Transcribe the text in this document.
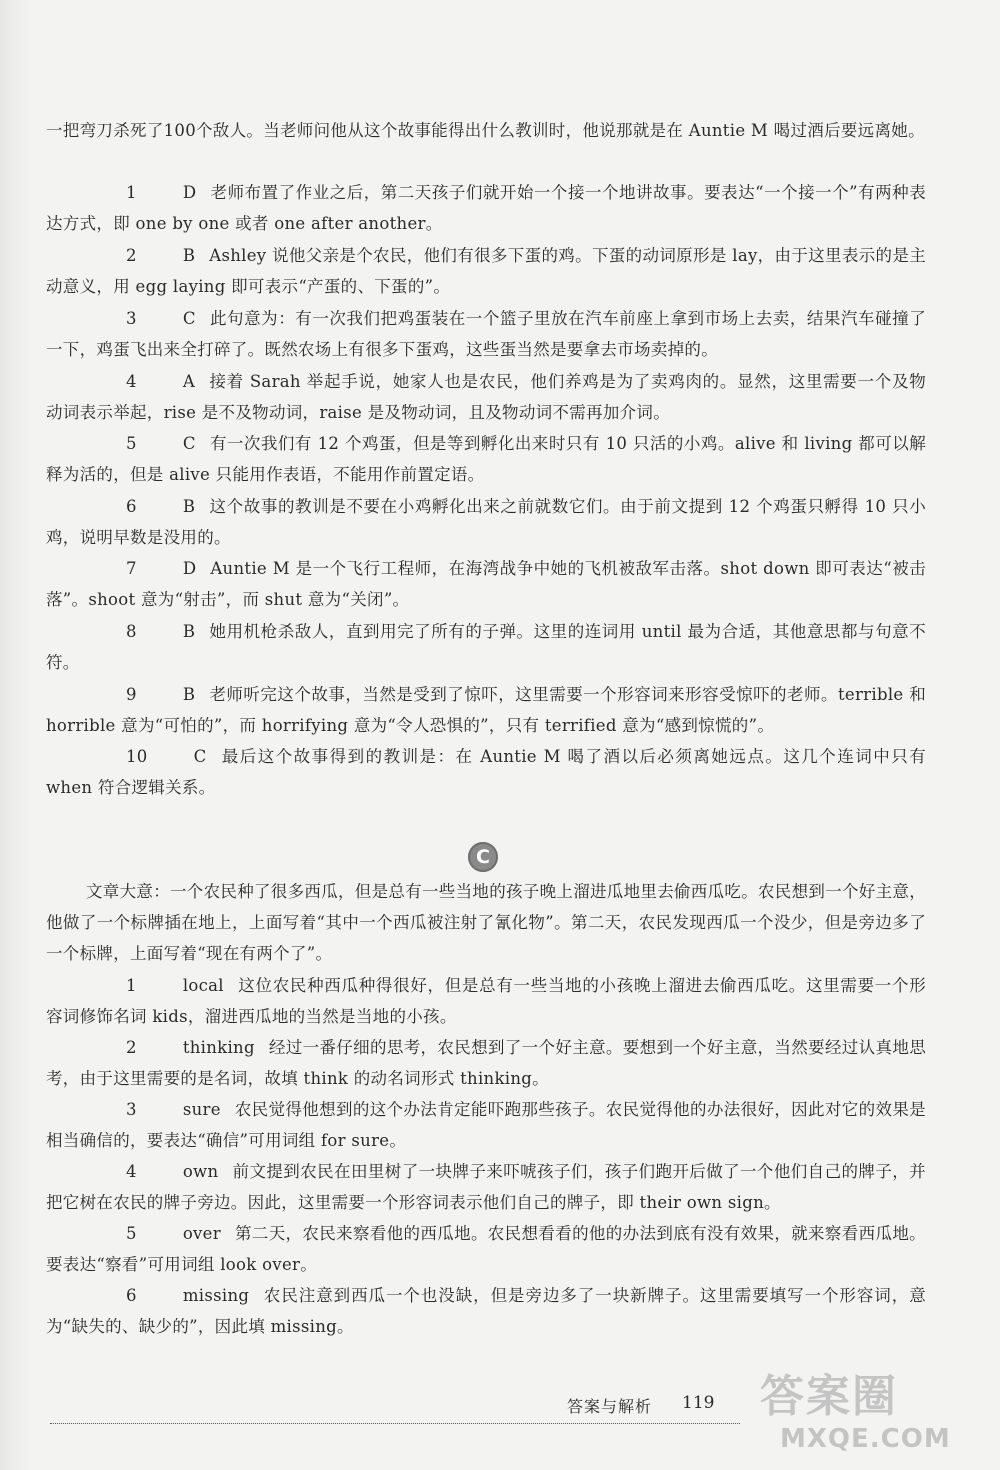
一把弯刀杀死了100个敌人。当老师问他从这个故事能得出什么教训时，他说那就是在 Auntie M 喝过酒后要远离她。
1	D 老师布置了作业之后，第二天孩子们就开始一个接一个地讲故事。要表达“一个接一个”有两种表达方式，即 one by one 或者 one after another。
2	B Ashley 说他父亲是个农民，他们有很多下蛋的鸡。下蛋的动词原形是 lay，由于这里表示的是主动意义，用 egg laying 即可表示“产蛋的、下蛋的”。
3	C 此句意为：有一次我们把鸡蛋装在一个篮子里放在汽车前座上拿到市场上去卖，结果汽车碰撞了一下，鸡蛋飞出来全打碎了。既然农场上有很多下蛋鸡，这些蛋当然是要拿去市场卖掉的。
4	A 接着 Sarah 举起手说，她家人也是农民，他们养鸡是为了卖鸡肉的。显然，这里需要一个及物动词表示举起，rise 是不及物动词，raise 是及物动词，且及物动词不需再加介词。
5	C 有一次我们有 12 个鸡蛋，但是等到孵化出来时只有 10 只活的小鸡。alive 和 living 都可以解释为活的，但是 alive 只能用作表语，不能用作前置定语。
6	B 这个故事的教训是不要在小鸡孵化出来之前就数它们。由于前文提到 12 个鸡蛋只孵得 10 只小鸡，说明早数是没用的。
7	D Auntie M 是一个飞行工程师，在海湾战争中她的飞机被敌军击落。shot down 即可表达“被击落”。shoot 意为“射击”，而 shut 意为“关闭”。
8	B 她用机枪杀敌人，直到用完了所有的子弹。这里的连词用 until 最为合适，其他意思都与句意不符。
9	B 老师听完这个故事，当然是受到了惊吓，这里需要一个形容词来形容受惊吓的老师。terrible 和 horrible 意为“可怕的”，而 horrifying 意为“令人恐惧的”，只有 terrified 意为“感到惊慌的”。
10	C 最后这个故事得到的教训是：在 Auntie M 喝了酒以后必须离她远点。这几个连词中只有 when 符合逻辑关系。
C
文章大意：一个农民种了很多西瓜，但是总有一些当地的孩子晚上溜进瓜地里去偷西瓜吃。农民想到一个好主意，他做了一个标牌插在地上，上面写着“其中一个西瓜被注射了氰化物”。第二天，农民发现西瓜一个没少，但是旁边多了一个标牌，上面写着“现在有两个了”。
1	local 这位农民种西瓜种得很好，但是总有一些当地的小孩晚上溜进去偷西瓜吃。这里需要一个形容词修饰名词 kids，溜进西瓜地的当然是当地的小孩。
2	thinking 经过一番仔细的思考，农民想到了一个好主意。要想到一个好主意，当然要经过认真地思考，由于这里需要的是名词，故填 think 的动名词形式 thinking。
3	sure 农民觉得他想到的这个办法肯定能吓跑那些孩子。农民觉得他的办法很好，因此对它的效果是相当确信的，要表达“确信”可用词组 for sure。
4	own 前文提到农民在田里树了一块牌子来吓唬孩子们，孩子们跑开后做了一个他们自己的牌子，并把它树在农民的牌子旁边。因此，这里需要一个形容词表示他们自己的牌子，即 their own sign。
5	over 第二天，农民来察看他的西瓜地。农民想看看的他的办法到底有没有效果，就来察看西瓜地。要表达“察看”可用词组 look over。
6	missing 农民注意到西瓜一个也没缺，但是旁边多了一块新牌子。这里需要填写一个形容词，意为“缺失的、缺少的”，因此填 missing。
答案与解析 119 答案圈
MXQE.COM
